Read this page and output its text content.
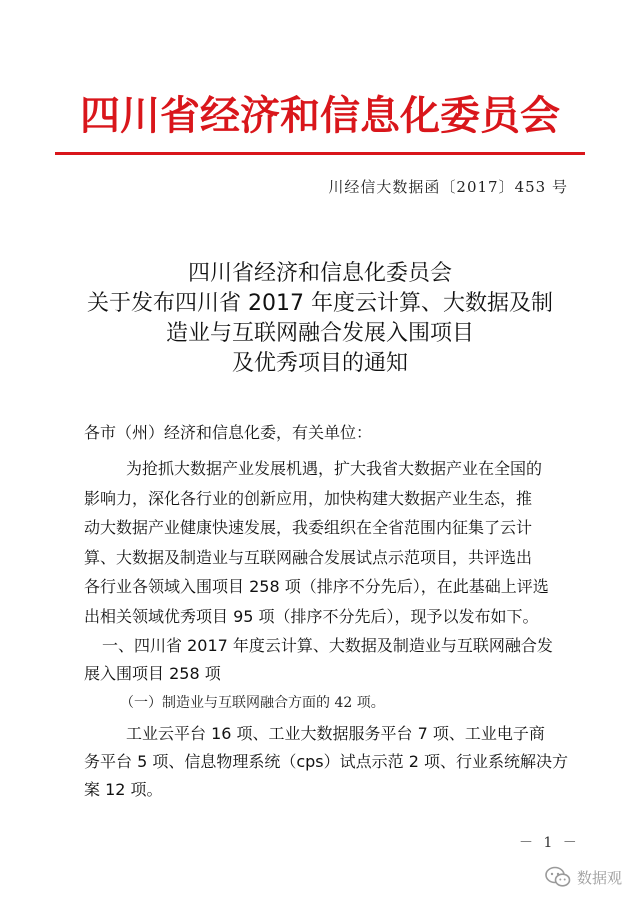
四川省经济和信息化委员会
川经信大数据函〔2017〕453 号
四川省经济和信息化委员会
关于发布四川省 2017 年度云计算、大数据及制
造业与互联网融合发展入围项目
及优秀项目的通知
各市（州）经济和信息化委，有关单位：
为抢抓大数据产业发展机遇，扩大我省大数据产业在全国的
影响力，深化各行业的创新应用，加快构建大数据产业生态，推
动大数据产业健康快速发展，我委组织在全省范围内征集了云计
算、大数据及制造业与互联网融合发展试点示范项目，共评选出
各行业各领域入围项目 258 项（排序不分先后），在此基础上评选
出相关领域优秀项目 95 项（排序不分先后），现予以发布如下。
一、四川省 2017 年度云计算、大数据及制造业与互联网融合发
展入围项目 258 项
（一）制造业与互联网融合方面的 42 项。
工业云平台 16 项、工业大数据服务平台 7 项、工业电子商
务平台 5 项、信息物理系统（cps）试点示范 2 项、行业系统解决方
案 12 项。
－ 1 －
数据观
